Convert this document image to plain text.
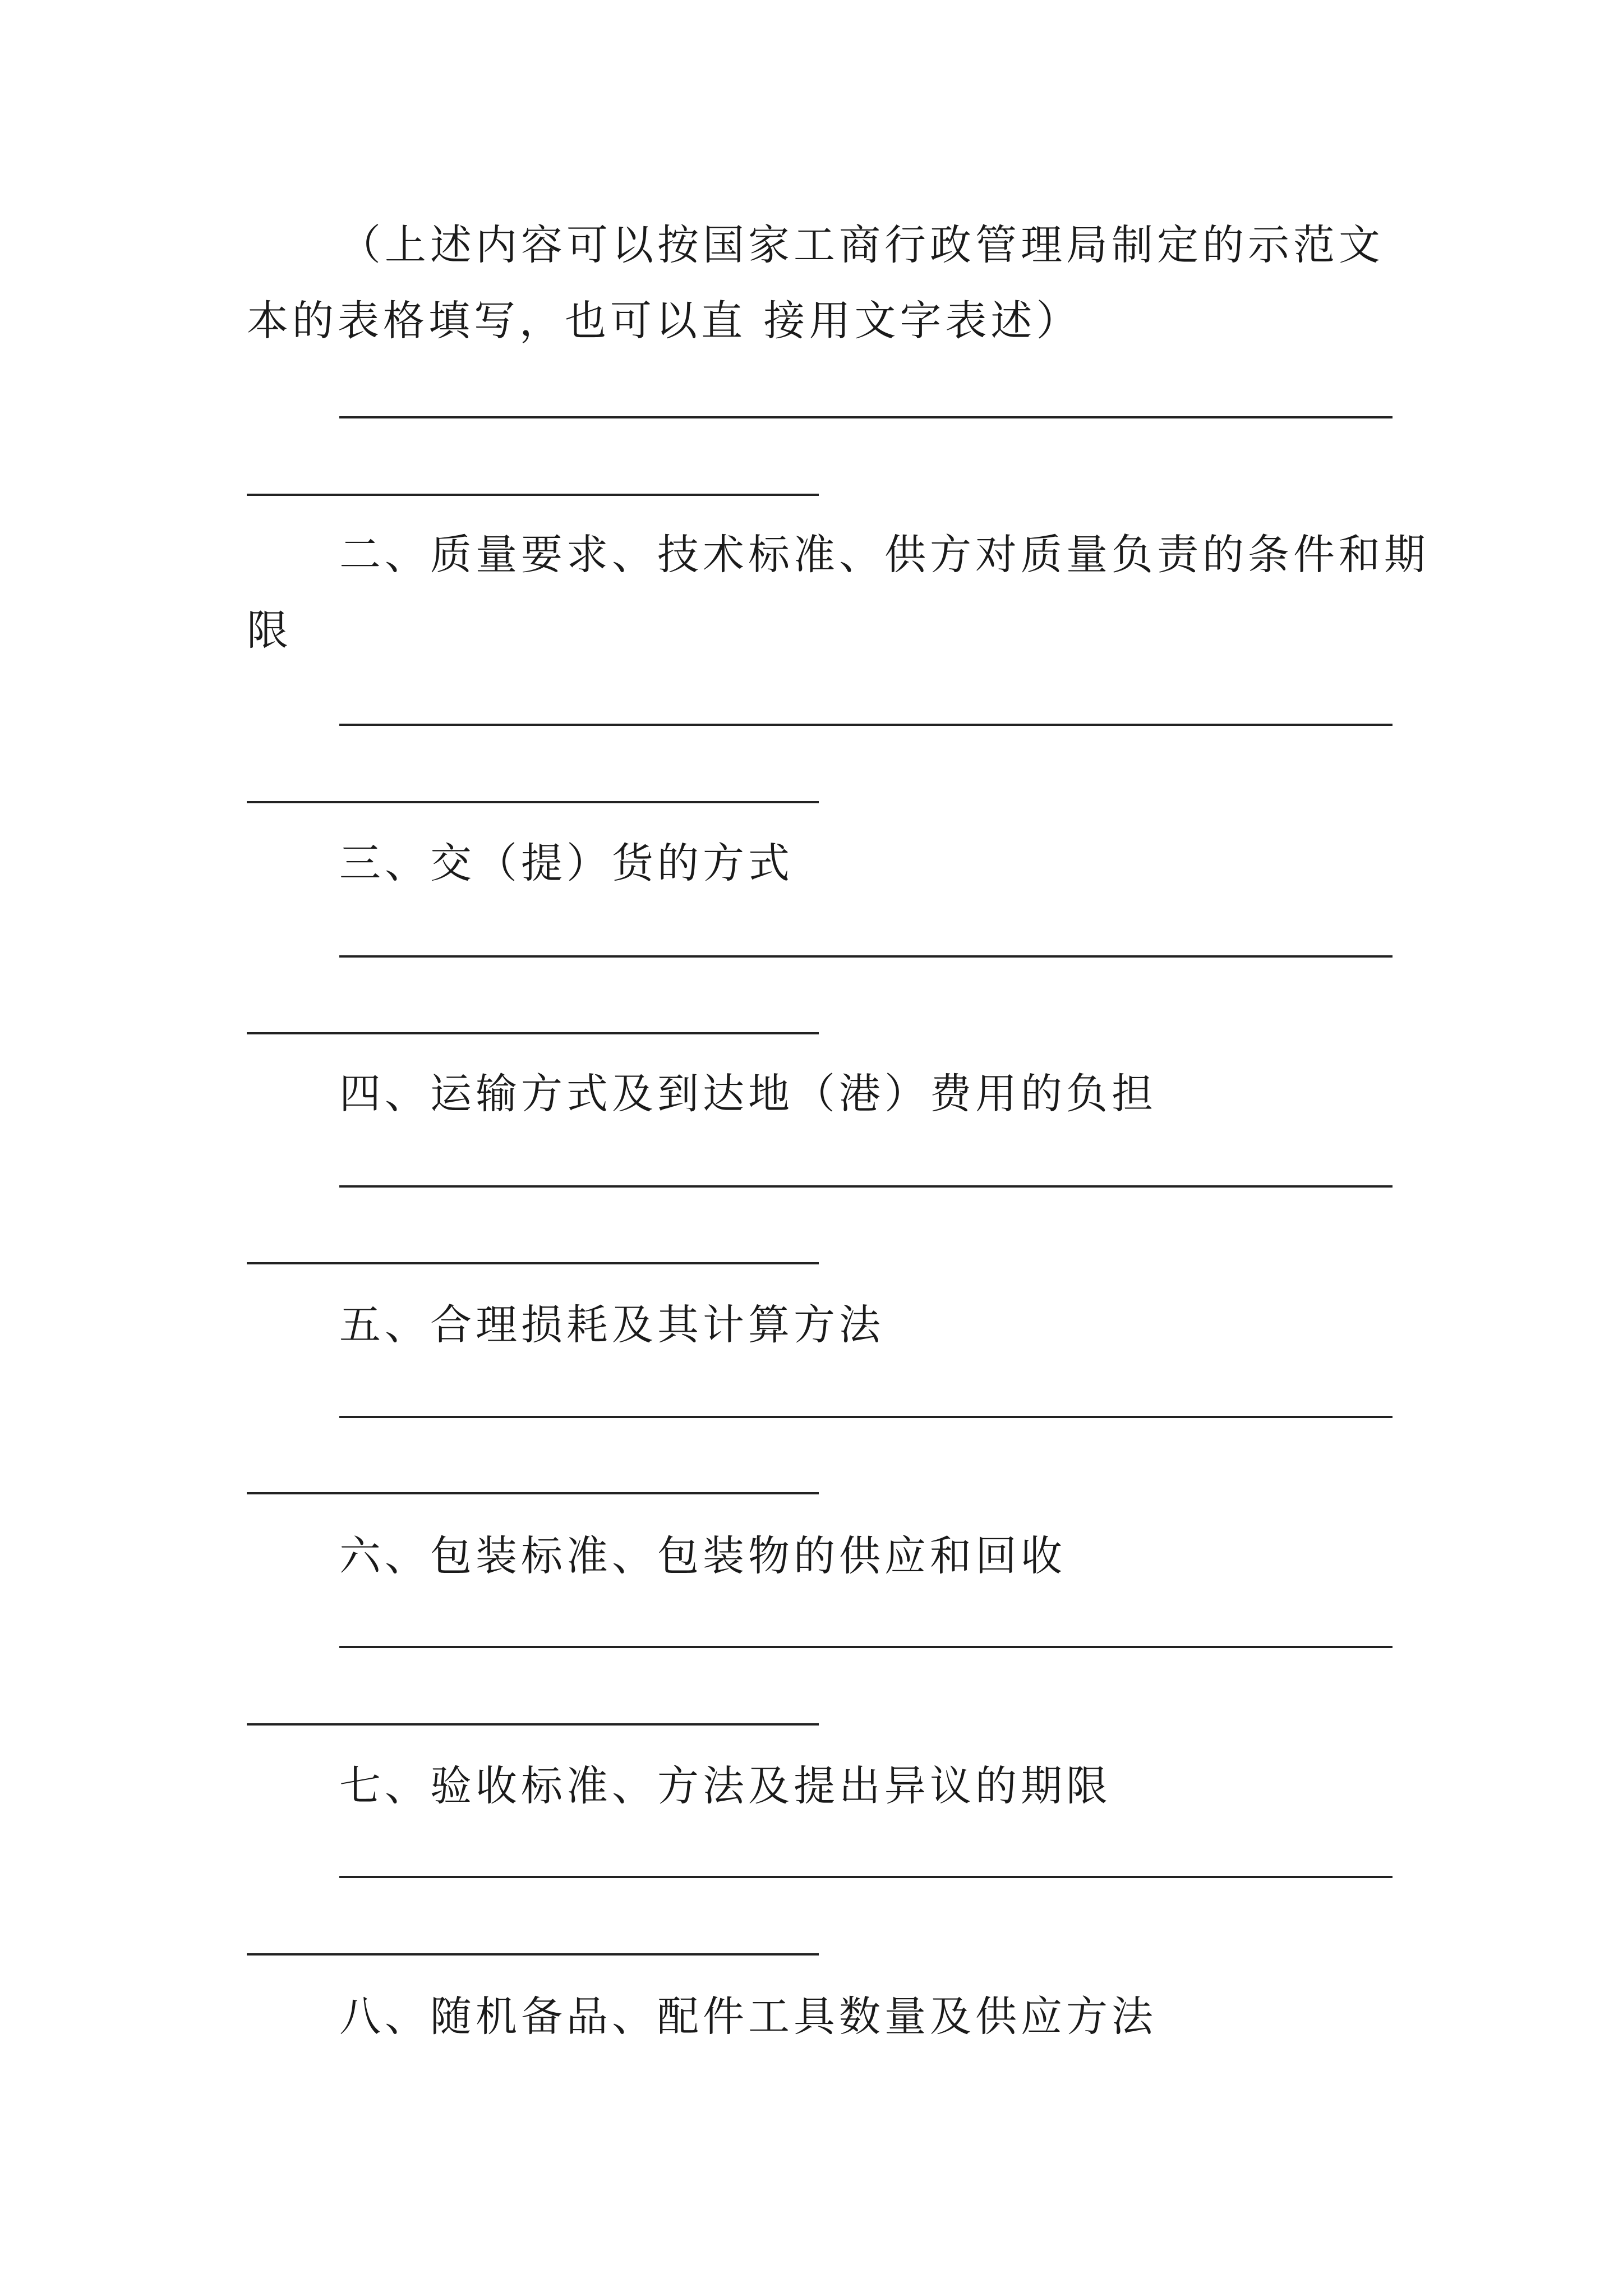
（上述内容可以按国家工商行政管理局制定的示范文
本的表格填写，也可以直 接用文字表述）
二、质量要求、技术标准、供方对质量负责的条件和期
限
三、交（提）货的方式
四、运输方式及到达地（港）费用的负担
五、合理损耗及其计算方法
六、包装标准、包装物的供应和回收
七、验收标准、方法及提出异议的期限
八、随机备品、配件工具数量及供应方法
